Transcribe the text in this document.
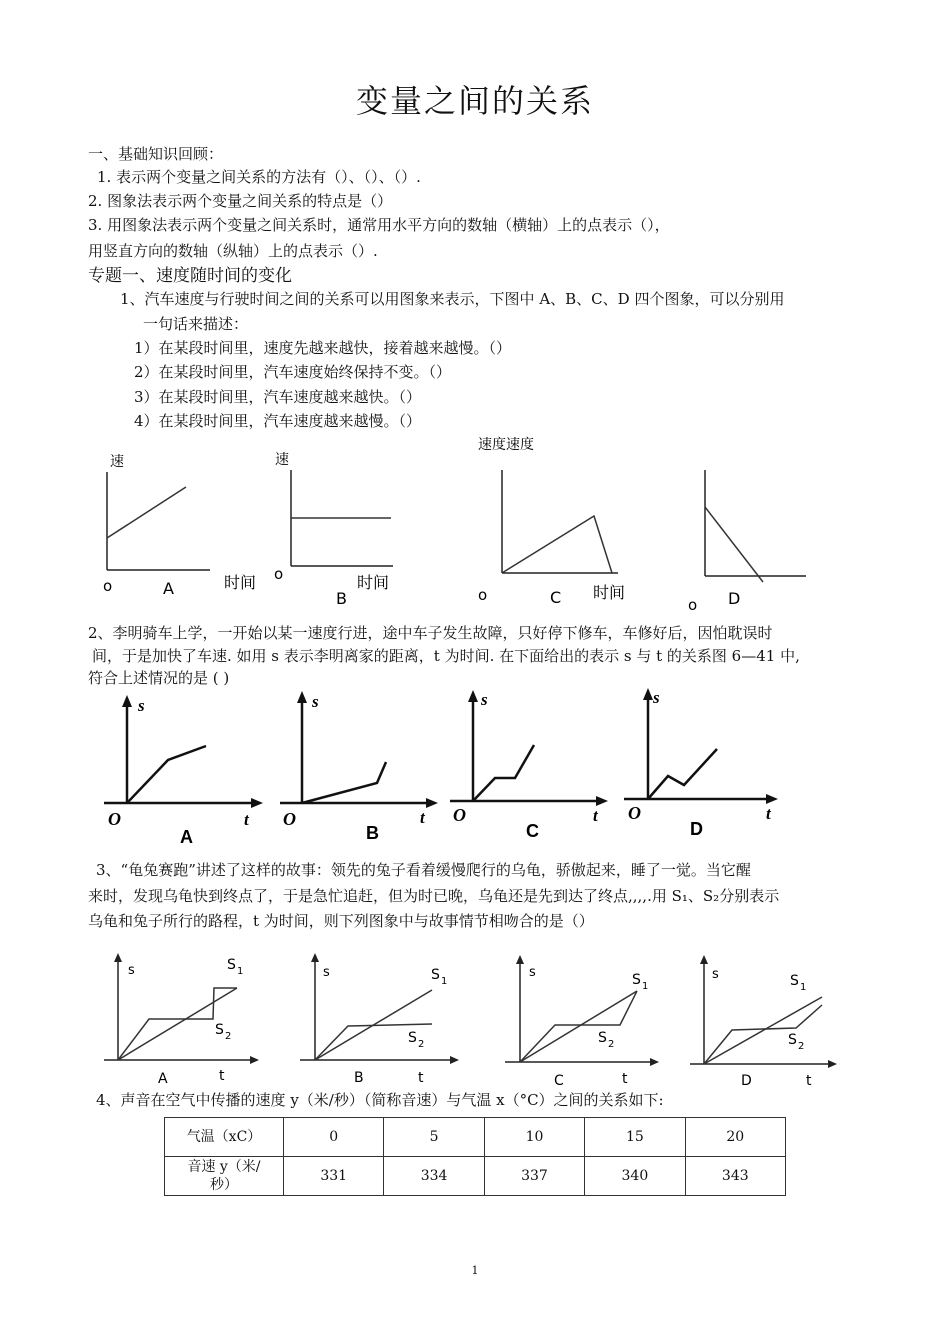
变量之间的关系
一、基础知识回顾：
1. 表示两个变量之间关系的方法有（）、（）、（）.
2. 图象法表示两个变量之间关系的特点是（）
3. 用图象法表示两个变量之间关系时，通常用水平方向的数轴（横轴）上的点表示（），
用竖直方向的数轴（纵轴）上的点表示（）.
专题一、速度随时间的变化
1、汽车速度与行驶时间之间的关系可以用图象来表示，下图中 A、B、C、D 四个图象，可以分别用
一句话来描述：
1）在某段时间里，速度先越来越快，接着越来越慢。（）
2）在某段时间里，汽车速度始终保持不变。（）
3）在某段时间里，汽车速度越来越快。（）
4）在某段时间里，汽车速度越来越慢。（）
速度速度
速
o	A	时间
速
o
B
时间
o	C 时间
o D
2、李明骑车上学，一开始以某一速度行进，途中车子发生故障，只好停下修车，车修好后，因怕耽误时
间，于是加快了车速. 如用 s 表示李明离家的距离，t 为时间. 在下面给出的表示 s 与 t 的关系图 6—41 中,
符合上述情况的是 ( )
s
O	t
A
s
O	t
B
s
O	t
C
s
O	t
D
3、“龟兔赛跑”讲述了这样的故事：领先的兔子看着缓慢爬行的乌龟，骄傲起来，睡了一觉。当它醒
来时，发现乌龟快到终点了，于是急忙追赶，但为时已晚，乌龟还是先到达了终点,,,,.用 S₁、S₂分别表示
乌龟和兔子所行的路程，t 为时间，则下列图象中与故事情节相吻合的是（）
s	S 1
S 2
t
A
s	S 1
S 2
t
B
s	S 1
S 2
t
C
s	S 1
S 2
t
D
4、声音在空气中传播的速度 y（米/秒）（简称音速）与气温 x（°C）之间的关系如下:
气温（xC）	0	5	10	15	20

音速 y（米/
秒）	331	334	337	340	343
1
